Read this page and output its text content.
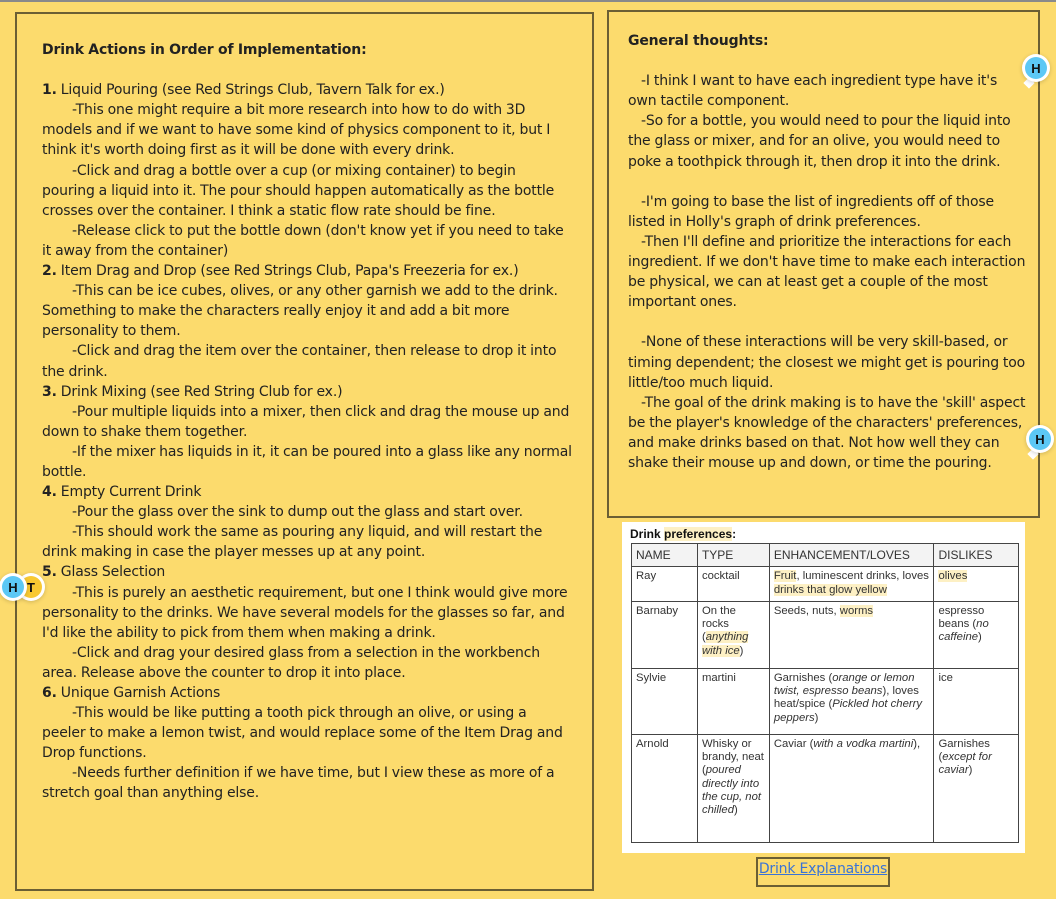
Drink Actions in Order of Implementation:
1. Liquid Pouring (see Red Strings Club, Tavern Talk for ex.)
-This one might require a bit more research into how to do with 3D models and if we want to have some kind of physics component to it, but I think it's worth doing first as it will be done with every drink.
-Click and drag a bottle over a cup (or mixing container) to begin pouring a liquid into it. The pour should happen automatically as the bottle crosses over the container. I think a static flow rate should be fine.
-Release click to put the bottle down (don't know yet if you need to take it away from the container)
2. Item Drag and Drop (see Red Strings Club, Papa's Freezeria for ex.)
-This can be ice cubes, olives, or any other garnish we add to the drink. Something to make the characters really enjoy it and add a bit more personality to them.
-Click and drag the item over the container, then release to drop it into the drink.
3. Drink Mixing (see Red String Club for ex.)
-Pour multiple liquids into a mixer, then click and drag the mouse up and down to shake them together.
-If the mixer has liquids in it, it can be poured into a glass like any normal bottle.
4. Empty Current Drink
-Pour the glass over the sink to dump out the glass and start over.
-This should work the same as pouring any liquid, and will restart the drink making in case the player messes up at any point.
5. Glass Selection
-This is purely an aesthetic requirement, but one I think would give more personality to the drinks. We have several models for the glasses so far, and I'd like the ability to pick from them when making a drink.
-Click and drag your desired glass from a selection in the workbench area. Release above the counter to drop it into place.
6. Unique Garnish Actions
-This would be like putting a tooth pick through an olive, or using a peeler to make a lemon twist, and would replace some of the Item Drag and Drop functions.
-Needs further definition if we have time, but I view these as more of a stretch goal than anything else.
General thoughts:
-I think I want to have each ingredient type have it's own tactile component.
-So for a bottle, you would need to pour the liquid into the glass or mixer, and for an olive, you would need to poke a toothpick through it, then drop it into the drink.
-I'm going to base the list of ingredients off of those listed in Holly's graph of drink preferences.
-Then I'll define and prioritize the interactions for each ingredient. If we don't have time to make each interaction be physical, we can at least get a couple of the most important ones.
-None of these interactions will be very skill-based, or timing dependent; the closest we might get is pouring too little/too much liquid.
-The goal of the drink making is to have the 'skill' aspect be the player's knowledge of the characters' preferences, and make drinks based on that. Not how well they can shake their mouse up and down, or time the pouring.
Drink preferences:
NAME	TYPE	ENHANCEMENT/LOVES	DISLIKES
Ray	cocktail	Fruit, luminescent drinks, loves drinks that glow yellow	olives
Barnaby	On the rocks (anything with ice)	Seeds, nuts, worms	espresso beans (no caffeine)
Sylvie	martini	Garnishes (orange or lemon twist, espresso beans), loves heat/spice (Pickled hot cherry peppers)	ice
Arnold	Whisky or brandy, neat (poured directly into the cup, not chilled)	Caviar (with a vodka martini),	Garnishes (except for caviar)
Drink Explanations
H T
H
H
